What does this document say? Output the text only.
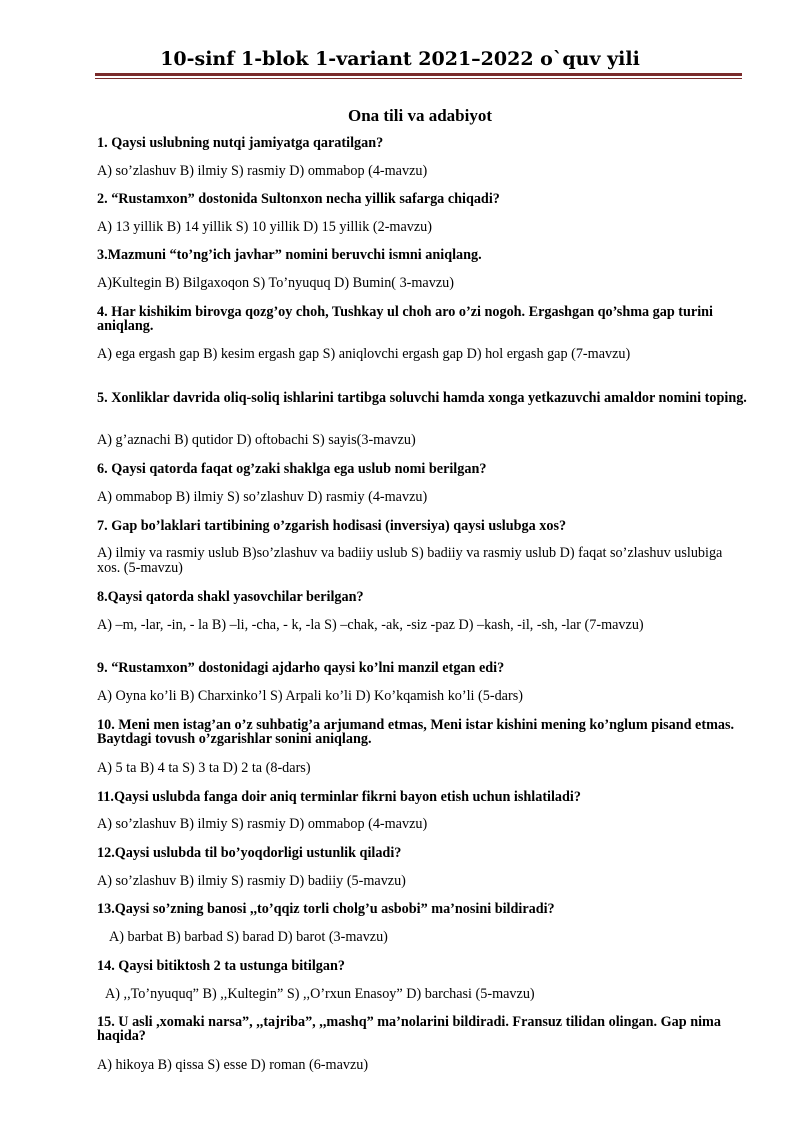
10-sinf 1-blok 1-variant 2021–2022 o`quv yili
Ona tili va adabiyot

1. Qaysi uslubning nutqi jamiyatga qaratilgan?

A) so’zlashuv B) ilmiy S) rasmiy D) ommabop (4-mavzu)

2. “Rustamxon” dostonida Sultonxon necha yillik safarga chiqadi?

A) 13 yillik B) 14 yillik S) 10 yillik D) 15 yillik (2-mavzu)

3.Mazmuni “to’ng’ich javhar” nomini beruvchi ismni aniqlang.

A)Kultegin B) Bilgaxoqon S) To’nyuquq D) Bumin( 3-mavzu)

4. Har kishikim birovga qozg’oy choh, Tushkay ul choh aro o’zi nogoh. Ergashgan qo’shma gap turini aniqlang.

A) ega ergash gap B) kesim ergash gap S) aniqlovchi ergash gap D) hol ergash gap (7-mavzu)

5. Xonliklar davrida oliq-soliq ishlarini tartibga soluvchi hamda xonga yetkazuvchi amaldor nomini toping.

A) g’aznachi B) qutidor D) oftobachi S) sayis(3-mavzu)

6. Qaysi qatorda faqat og’zaki shaklga ega uslub nomi berilgan?

A) ommabop B) ilmiy S) so’zlashuv D) rasmiy (4-mavzu)

7. Gap bo’laklari tartibining o’zgarish hodisasi (inversiya) qaysi uslubga xos?

A) ilmiy va rasmiy uslub B)so’zlashuv va badiiy uslub S) badiiy va rasmiy uslub D) faqat so’zlashuv uslubiga xos. (5-mavzu)

8.Qaysi qatorda shakl yasovchilar berilgan?

A) –m, -lar, -in, - la B) –li, -cha, - k, -la S) –chak, -ak, -siz -paz D) –kash, -il, -sh, -lar (7-mavzu)

9. “Rustamxon” dostonidagi ajdarho qaysi ko’lni manzil etgan edi?

A) Oyna ko’li B) Charxinko’l S) Arpali ko’li D) Ko’kqamish ko’li (5-dars)

10. Meni men istag’an o’z suhbatig’a arjumand etmas, Meni istar kishini mening ko’nglum pisand etmas. Baytdagi tovush o’zgarishlar sonini aniqlang.

A) 5 ta B) 4 ta S) 3 ta D) 2 ta (8-dars)

11.Qaysi uslubda fanga doir aniq terminlar fikrni bayon etish uchun ishlatiladi?

A) so’zlashuv B) ilmiy S) rasmiy D) ommabop (4-mavzu)

12.Qaysi uslubda til bo’yoqdorligi ustunlik qiladi?

A) so’zlashuv B) ilmiy S) rasmiy D) badiiy (5-mavzu)

13.Qaysi so’zning banosi ,,to’qqiz torli cholg’u asbobi” ma’nosini bildiradi?

A) barbat B) barbad S) barad D) barot (3-mavzu)

14. Qaysi bitiktosh 2 ta ustunga bitilgan?

A) ,,To’nyuquq” B) ,,Kultegin” S) ,,O’rxun Enasoy” D) barchasi (5-mavzu)

15. U asli ,xomaki narsa”, ,,tajriba”, ,,mashq” ma’nolarini bildiradi. Fransuz tilidan olingan. Gap nima haqida?

A) hikoya B) qissa S) esse D) roman (6-mavzu)
